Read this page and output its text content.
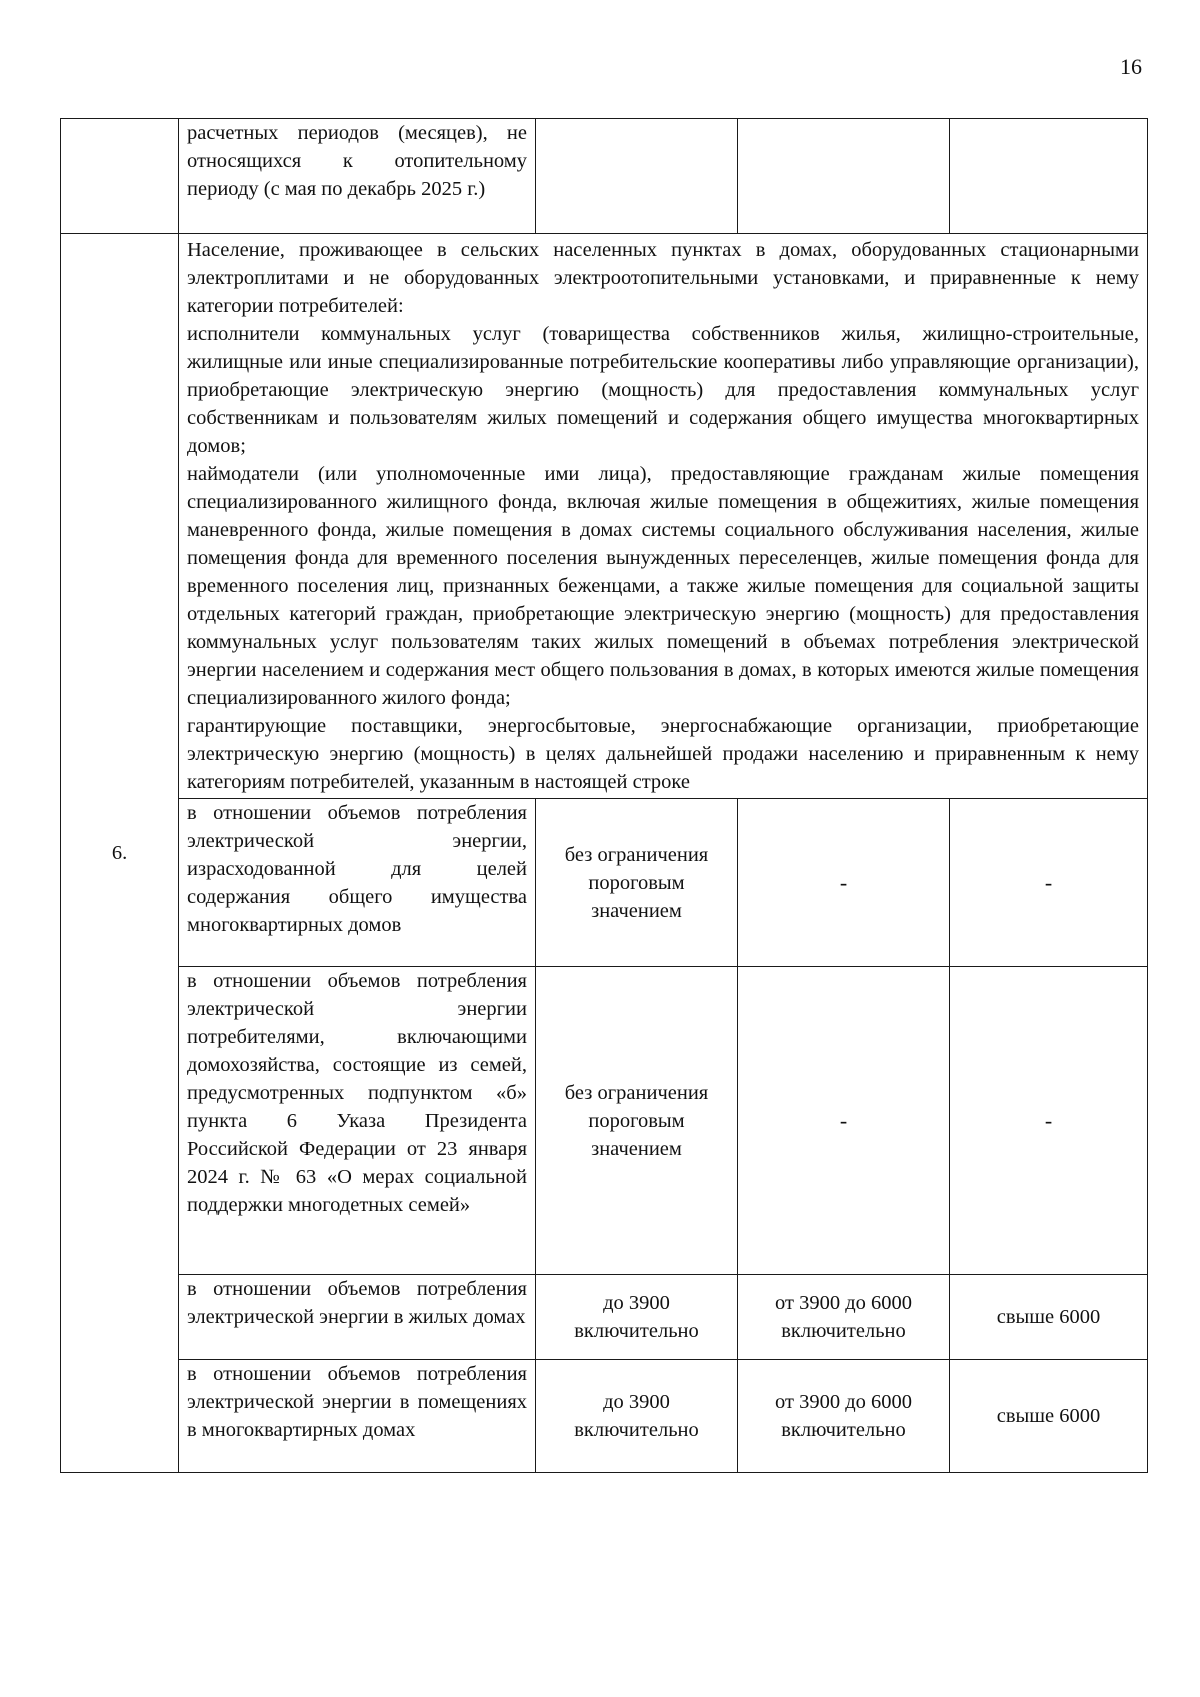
16
	расчетных периодов (месяцев), не относящихся к отопительному периоду (с мая по декабрь 2025 г.)			
6.	Население, проживающее в сельских населенных пунктах в домах, оборудованных стационарными электроплитами и не оборудованных электроотопительными установками, и приравненные к нему категории потребителей:

исполнители коммунальных услуг (товарищества собственников жилья, жилищно-строительные, жилищные или иные специализированные потребительские кооперативы либо управляющие организации), приобретающие электрическую энергию (мощность) для предоставления коммунальных услуг собственникам и пользователям жилых помещений и содержания общего имущества многоквартирных домов;

наймодатели (или уполномоченные ими лица), предоставляющие гражданам жилые помещения специализированного жилищного фонда, включая жилые помещения в общежитиях, жилые помещения маневренного фонда, жилые помещения в домах системы социального обслуживания населения, жилые помещения фонда для временного поселения вынужденных переселенцев, жилые помещения фонда для временного поселения лиц, признанных беженцами, а также жилые помещения для социальной защиты отдельных категорий граждан, приобретающие электрическую энергию (мощность) для предоставления коммунальных услуг пользователям таких жилых помещений в объемах потребления электрической энергии населением и содержания мест общего пользования в домах, в которых имеются жилые помещения специализированного жилого фонда;

гарантирующие поставщики, энергосбытовые, энергоснабжающие организации, приобретающие электрическую энергию (мощность) в целях дальнейшей продажи населению и приравненным к нему категориям потребителей, указанным в настоящей строке			

	в отношении объемов потребления электрической энергии, израсходованной для целей содержания общего имущества многоквартирных домов	без ограничения пороговым значением	-	-
	в отношении объемов потребления электрической энергии потребителями, включающими домохозяйства, состоящие из семей, предусмотренных подпунктом «б» пункта 6 Указа Президента Российской Федерации от 23 января 2024 г. № 63 «О мерах социальной поддержки многодетных семей»	без ограничения пороговым значением	-	-
	в отношении объемов потребления электрической энергии в жилых домах	до 3900 включительно	от 3900 до 6000 включительно	свыше 6000
	в отношении объемов потребления электрической энергии в помещениях в многоквартирных домах	до 3900 включительно	от 3900 до 6000 включительно	свыше 6000
